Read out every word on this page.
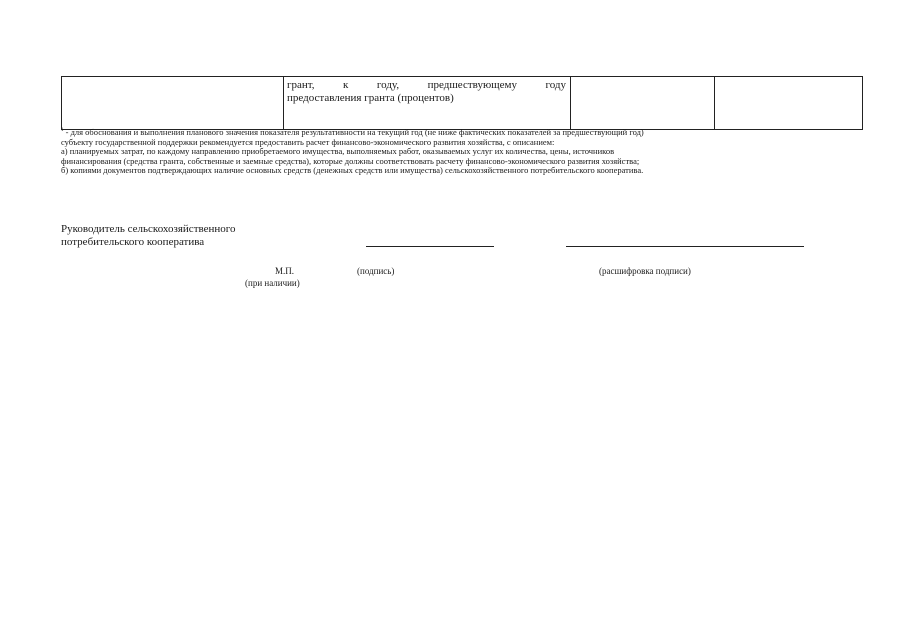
грант,	к	году,	предшествующему	году
предоставления гранта (процентов)

$^1$ - для обоснования и выполнения планового значения показателя результативности на текущий год (не ниже фактических показателей за предшествующий год)
субъекту государственной поддержки рекомендуется предоставить расчет финансово-экономического развития хозяйства, с описанием:
а) планируемых затрат, по каждому направлению приобретаемого имущества, выполняемых работ, оказываемых услуг их количества, цены, источников
финансирования (средства гранта, собственные и заемные средства), которые должны соответствовать расчету финансово-экономического развития хозяйства;
б) копиями документов подтверждающих наличие основных средств (денежных средств или имущества) сельскохозяйственного потребительского кооператива.
Руководитель сельскохозяйственного
потребительского кооператива
М.П.
(при наличии)
(подпись)	(расшифровка подписи)
